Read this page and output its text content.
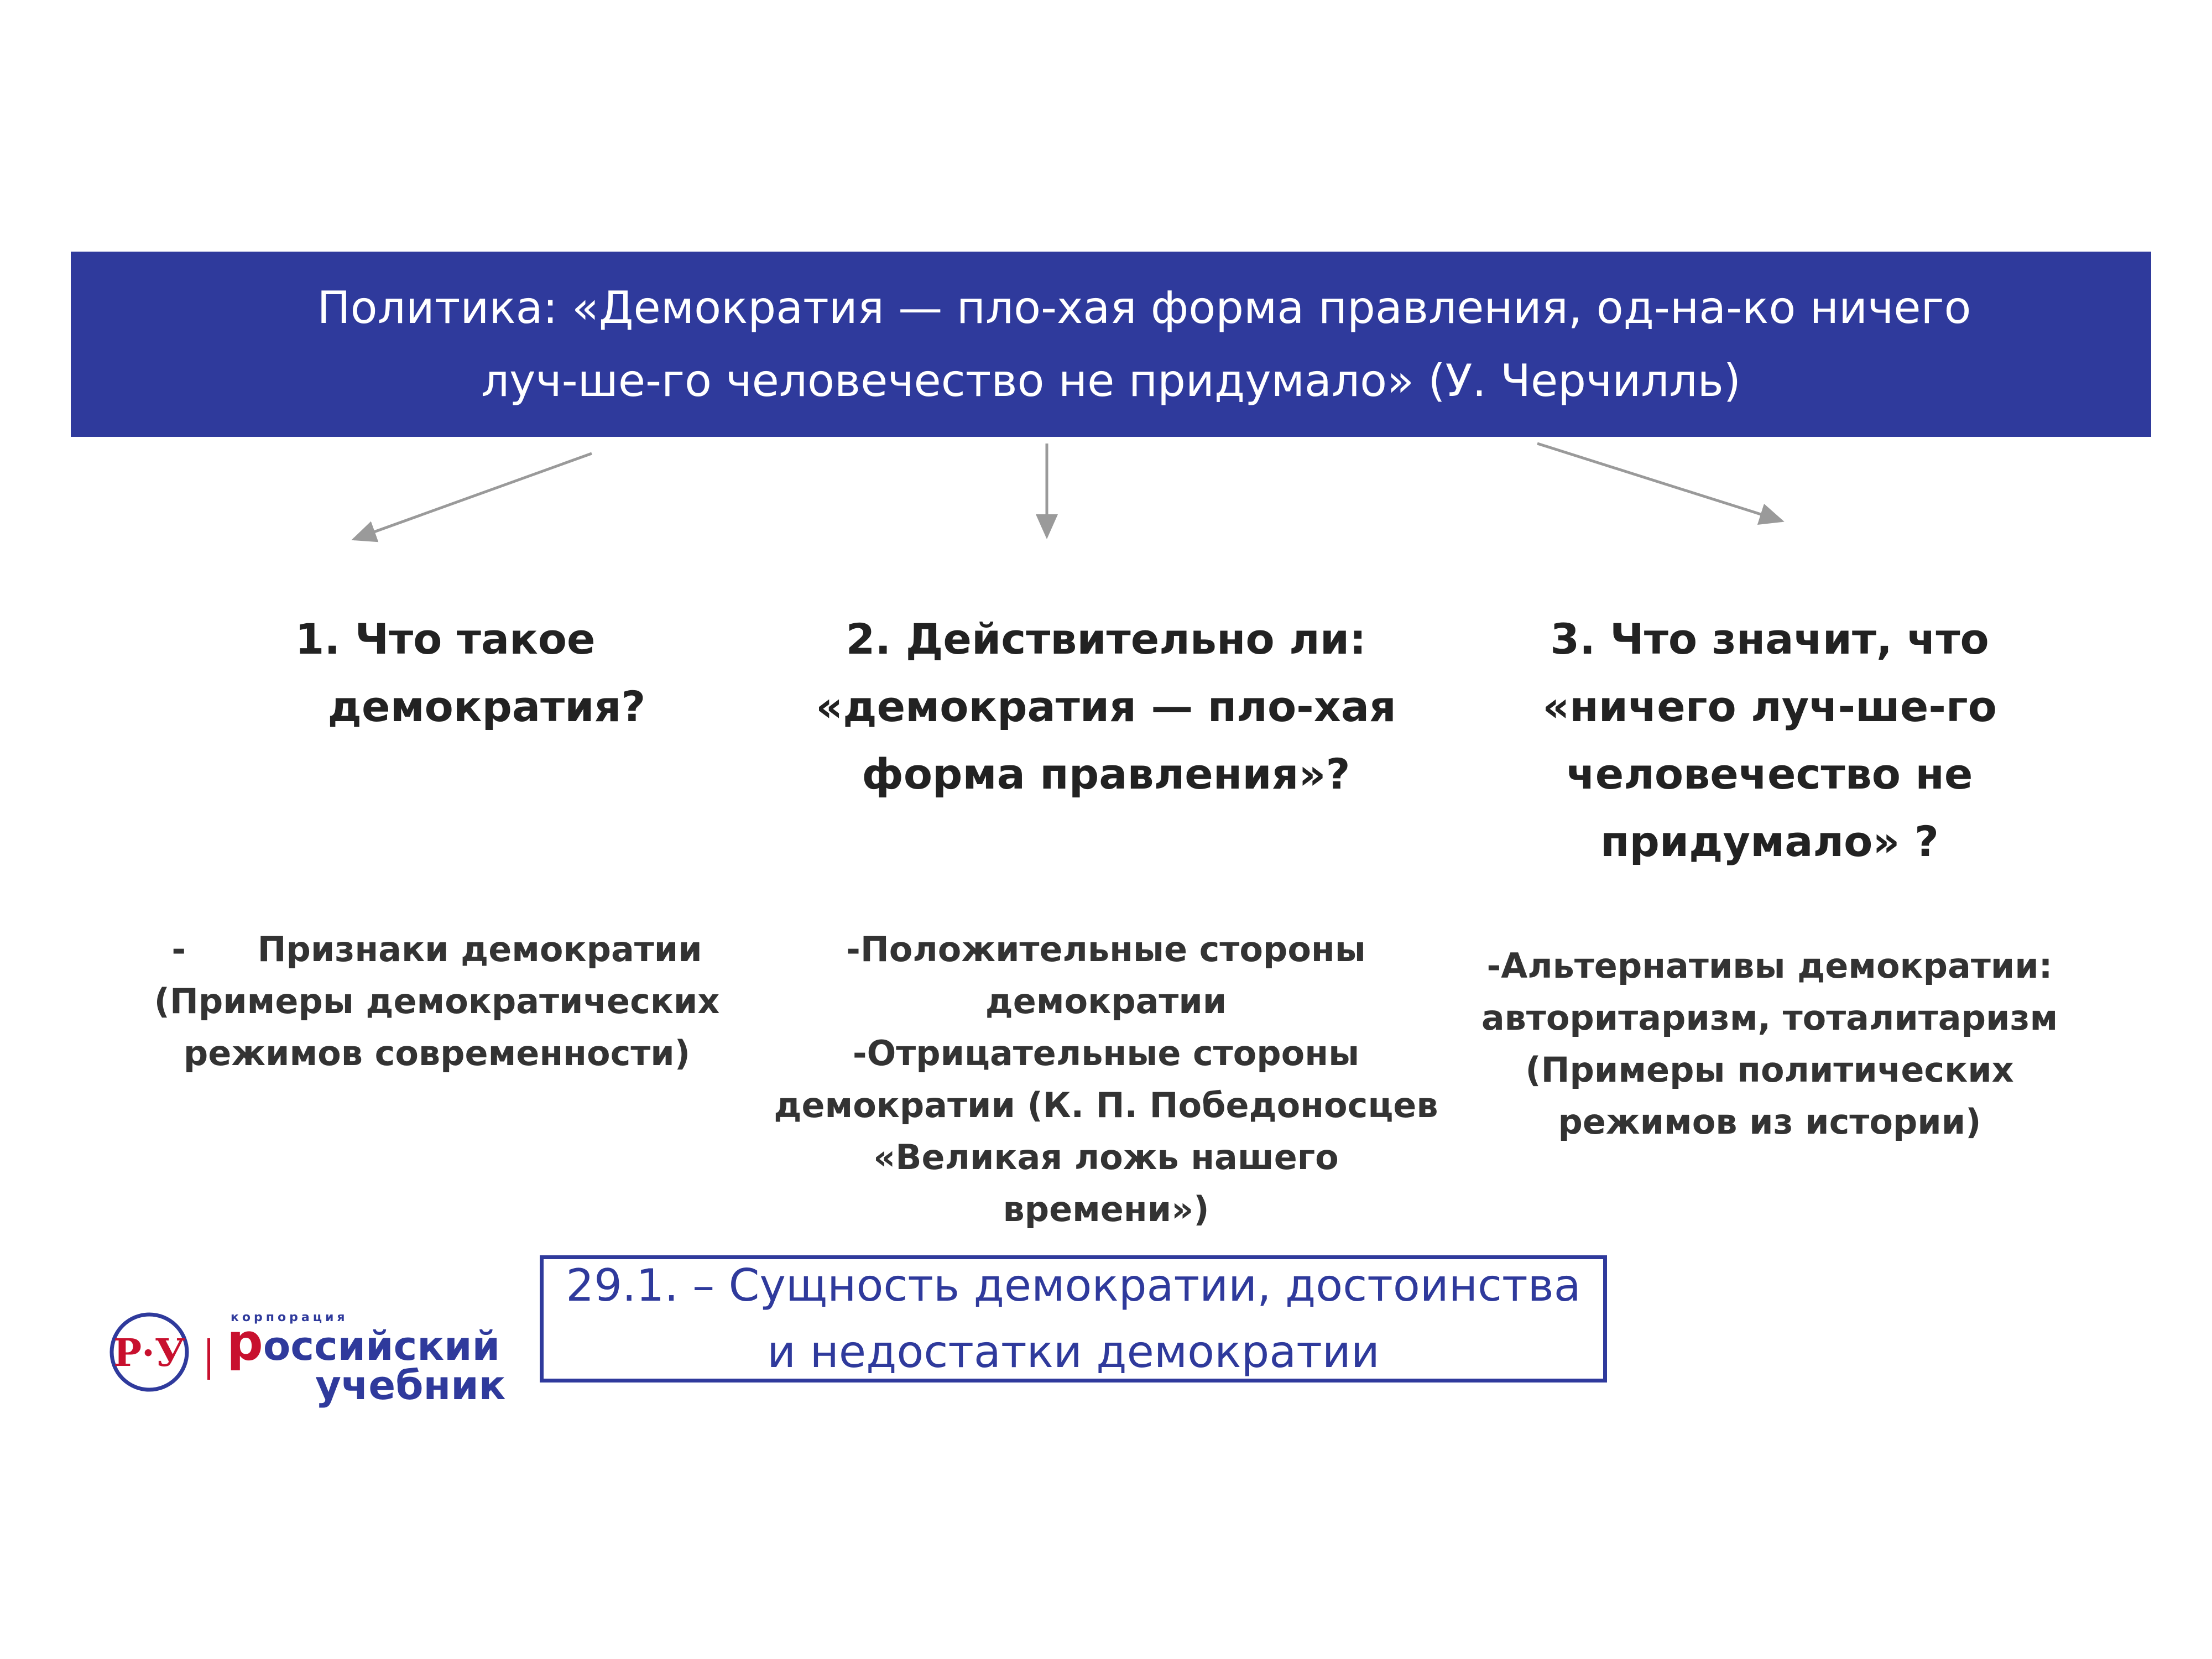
Политика: «Демократия — пло-хая форма правления, од-на-ко ничего
луч-ше-го человечество не придумало» (У. Черчилль)
1. Что такое
демократия?
-      Признаки демократии
(Примеры демократических
режимов современности)
2. Действительно ли:
«демократия — пло-хая
форма правления»?
-Положительные стороны
демократии
-Отрицательные стороны
демократии (К. П. Победоносцев
«Великая ложь нашего
времени»)
3. Что значит, что
«ничего луч-ше-го
человечество не
придумало» ?
-Альтернативы демократии:
авторитаризм, тоталитаризм
(Примеры политических
режимов из истории)
29.1. – Сущность демократии, достоинства
и недостатки демократии
Р·У
корпорация
российский
учебник
